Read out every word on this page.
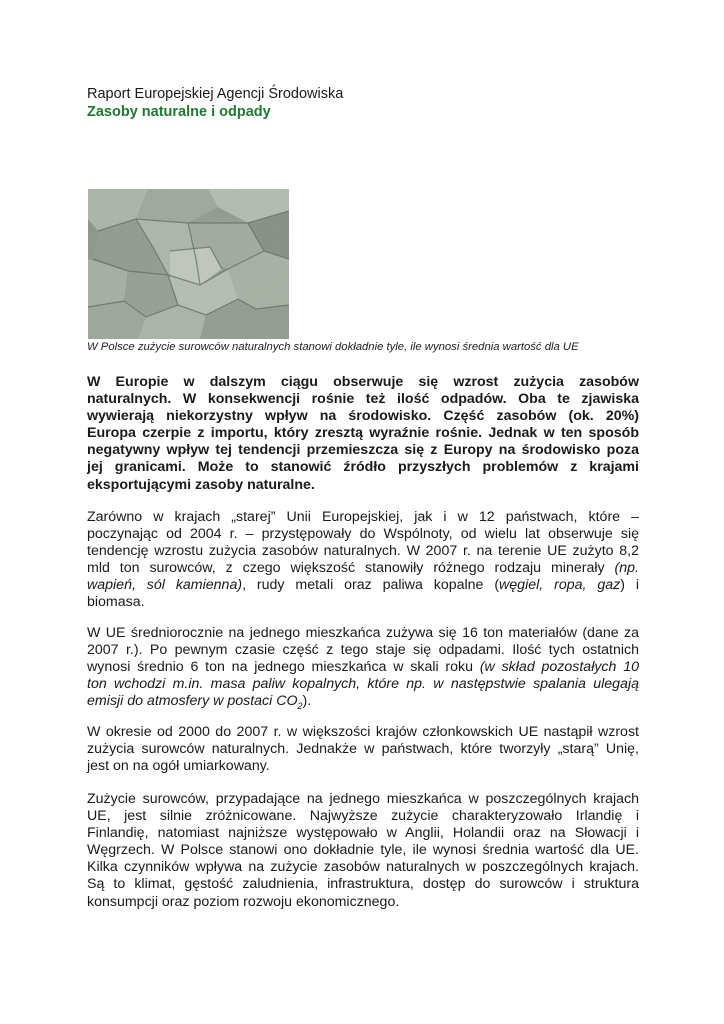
Raport Europejskiej Agencji Środowiska
Zasoby naturalne i odpady
W Polsce zużycie surowców naturalnych stanowi dokładnie tyle, ile wynosi średnia wartość dla UE
W Europie w dalszym ciągu obserwuje się wzrost zużycia zasobów
naturalnych. W konsekwencji rośnie też ilość odpadów. Oba te zjawiska
wywierają niekorzystny wpływ na środowisko. Część zasobów (ok. 20%)
Europa czerpie z importu, który zresztą wyraźnie rośnie. Jednak w ten sposób
negatywny wpływ tej tendencji przemieszcza się z Europy na środowisko poza
jej granicami. Może to stanowić źródło przyszłych problemów z krajami
eksportującymi zasoby naturalne.
Zarówno w krajach „starej” Unii Europejskiej, jak i w 12 państwach, które –
poczynając od 2004 r. – przystępowały do Wspólnoty, od wielu lat obserwuje się
tendencję wzrostu zużycia zasobów naturalnych. W 2007 r. na terenie UE zużyto 8,2
mld ton surowców, z czego większość stanowiły różnego rodzaju minerały (np.
wapień, sól kamienna), rudy metali oraz paliwa kopalne (węgiel, ropa, gaz) i
biomasa.
W UE średniorocznie na jednego mieszkańca zużywa się 16 ton materiałów (dane za
2007 r.). Po pewnym czasie część z tego staje się odpadami. Ilość tych ostatnich
wynosi średnio 6 ton na jednego mieszkańca w skali roku (w skład pozostałych 10
ton wchodzi m.in. masa paliw kopalnych, które np. w następstwie spalania ulegają
emisji do atmosfery w postaci $CO_2$).
W okresie od 2000 do 2007 r. w większości krajów członkowskich UE nastąpił wzrost
zużycia surowców naturalnych. Jednakże w państwach, które tworzyły „starą” Unię,
jest on na ogół umiarkowany.
Zużycie surowców, przypadające na jednego mieszkańca w poszczególnych krajach
UE, jest silnie zróżnicowane. Najwyższe zużycie charakteryzowało Irlandię i
Finlandię, natomiast najniższe występowało w Anglii, Holandii oraz na Słowacji i
Węgrzech. W Polsce stanowi ono dokładnie tyle, ile wynosi średnia wartość dla UE.
Kilka czynników wpływa na zużycie zasobów naturalnych w poszczególnych krajach.
Są to klimat, gęstość zaludnienia, infrastruktura, dostęp do surowców i struktura
konsumpcji oraz poziom rozwoju ekonomicznego.
